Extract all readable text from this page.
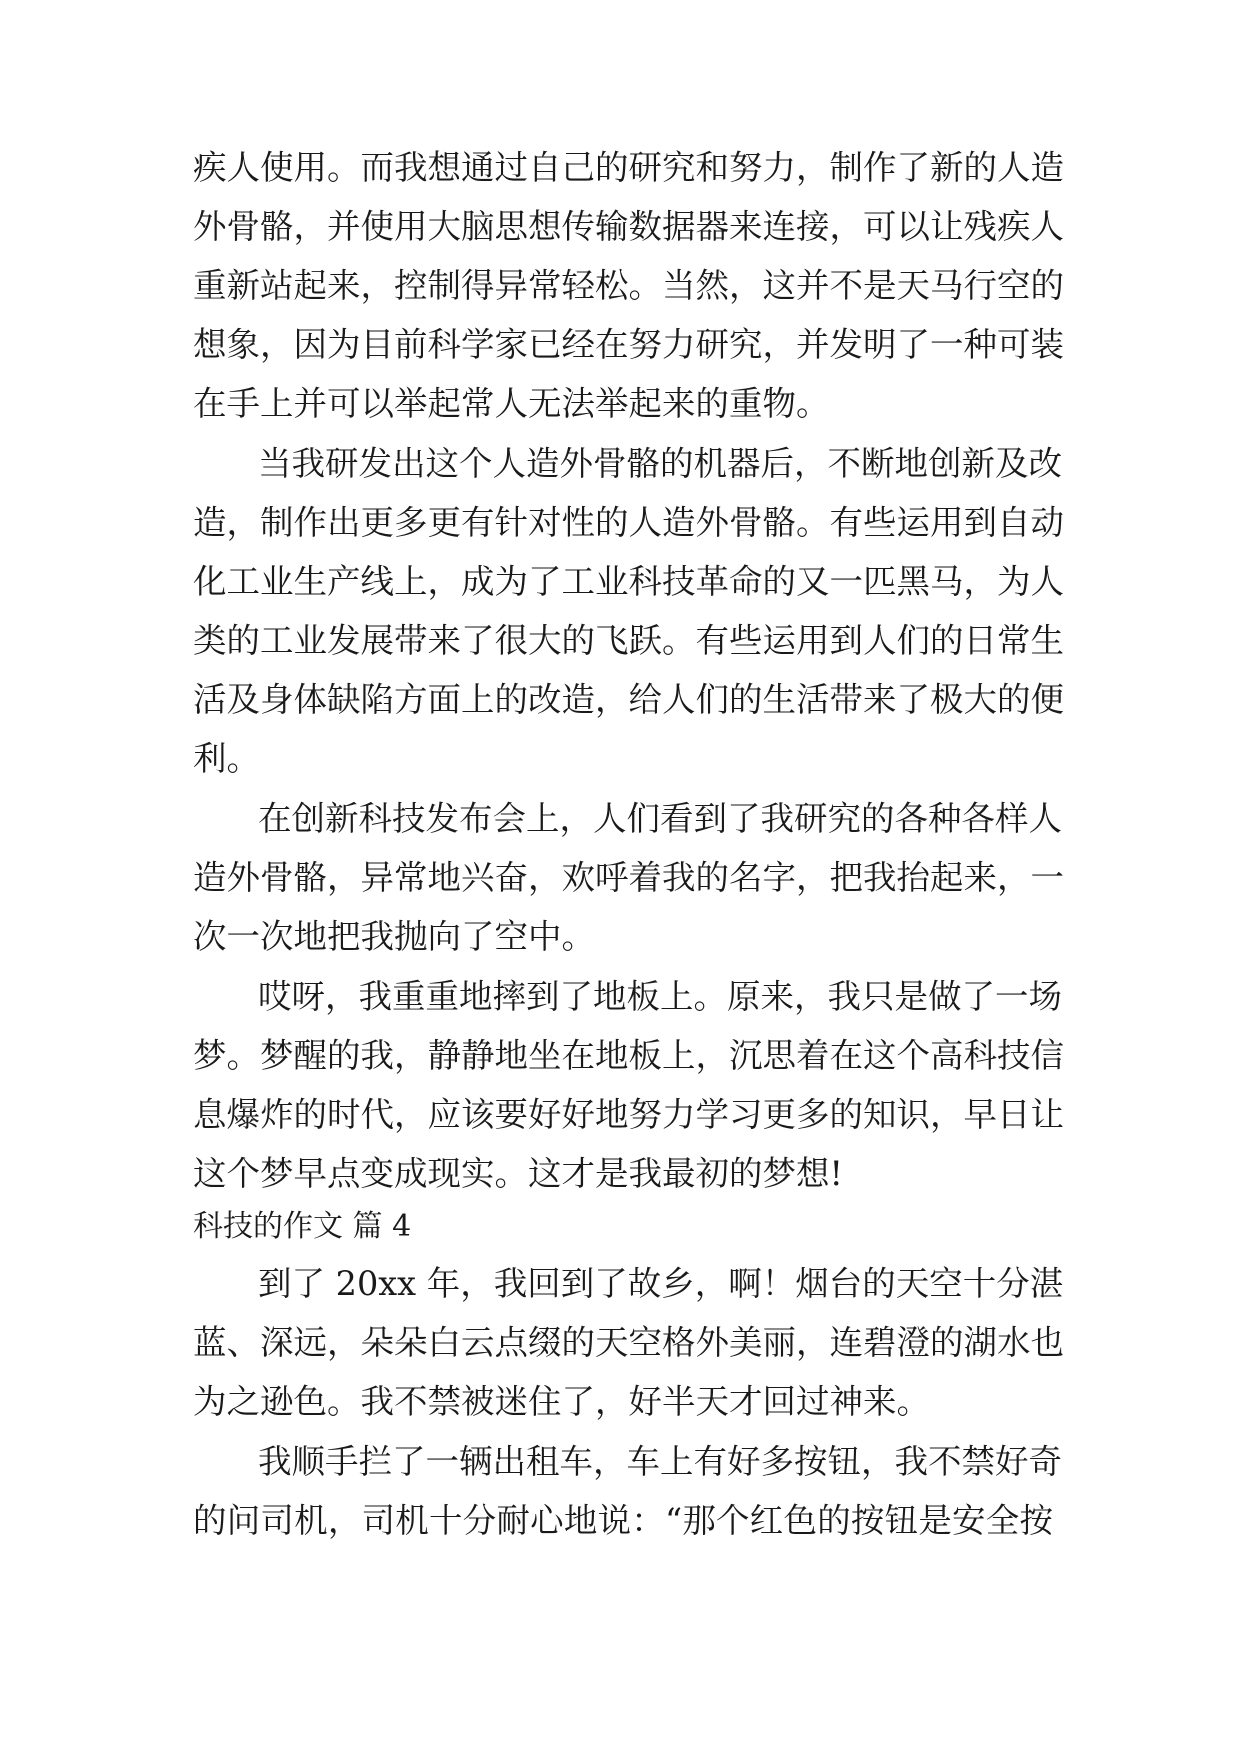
疾人使用。而我想通过自己的研究和努力，制作了新的人造
外骨骼，并使用大脑思想传输数据器来连接，可以让残疾人
重新站起来，控制得异常轻松。当然，这并不是天马行空的
想象，因为目前科学家已经在努力研究，并发明了一种可装
在手上并可以举起常人无法举起来的重物。
当我研发出这个人造外骨骼的机器后，不断地创新及改
造，制作出更多更有针对性的人造外骨骼。有些运用到自动
化工业生产线上，成为了工业科技革命的又一匹黑马，为人
类的工业发展带来了很大的飞跃。有些运用到人们的日常生
活及身体缺陷方面上的改造，给人们的生活带来了极大的便
利。
在创新科技发布会上，人们看到了我研究的各种各样人
造外骨骼，异常地兴奋，欢呼着我的名字，把我抬起来，一
次一次地把我抛向了空中。
哎呀，我重重地摔到了地板上。原来，我只是做了一场
梦。梦醒的我，静静地坐在地板上，沉思着在这个高科技信
息爆炸的时代，应该要好好地努力学习更多的知识，早日让
这个梦早点变成现实。这才是我最初的梦想!
科技的作文 篇 4
到了 20xx 年，我回到了故乡，啊！烟台的天空十分湛
蓝、深远，朵朵白云点缀的天空格外美丽，连碧澄的湖水也
为之逊色。我不禁被迷住了，好半天才回过神来。
我顺手拦了一辆出租车，车上有好多按钮，我不禁好奇
的问司机，司机十分耐心地说：“那个红色的按钮是安全按
